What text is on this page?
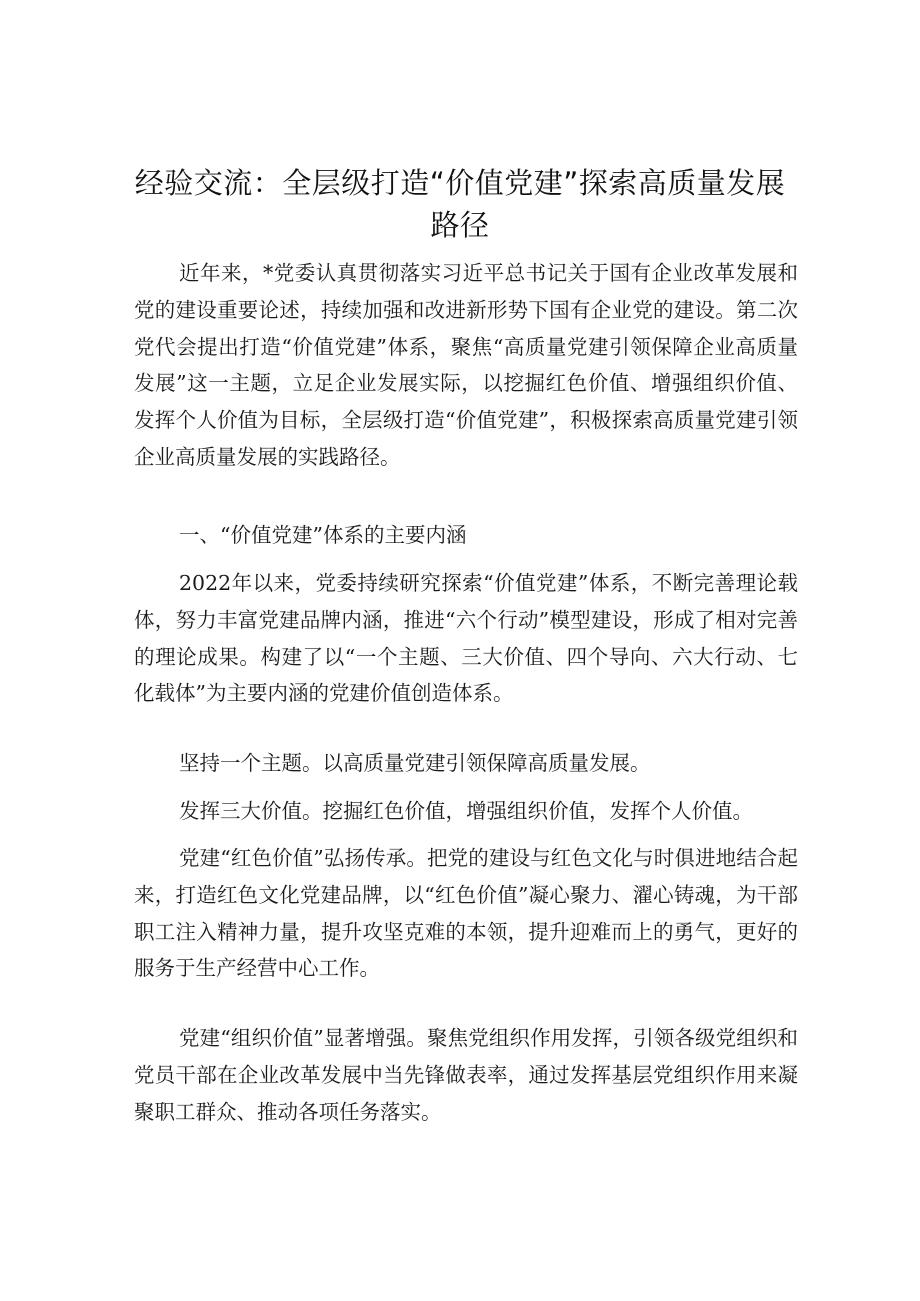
经验交流：全层级打造“价值党建”探索高质量发展路径

近年来，*党委认真贯彻落实习近平总书记关于国有企业改革发展和党的建设重要论述，持续加强和改进新形势下国有企业党的建设。第二次党代会提出打造“价值党建”体系，聚焦“高质量党建引领保障企业高质量发展”这一主题，立足企业发展实际，以挖掘红色价值、增强组织价值、发挥个人价值为目标，全层级打造“价值党建”，积极探索高质量党建引领企业高质量发展的实践路径。

一、“价值党建”体系的主要内涵

2022年以来，党委持续研究探索“价值党建”体系，不断完善理论载体，努力丰富党建品牌内涵，推进“六个行动”模型建设，形成了相对完善的理论成果。构建了以“一个主题、三大价值、四个导向、六大行动、七化载体”为主要内涵的党建价值创造体系。

坚持一个主题。以高质量党建引领保障高质量发展。

发挥三大价值。挖掘红色价值，增强组织价值，发挥个人价值。

党建“红色价值”弘扬传承。把党的建设与红色文化与时俱进地结合起来，打造红色文化党建品牌，以“红色价值”凝心聚力、濯心铸魂，为干部职工注入精神力量，提升攻坚克难的本领，提升迎难而上的勇气，更好的服务于生产经营中心工作。

党建“组织价值”显著增强。聚焦党组织作用发挥，引领各级党组织和党员干部在企业改革发展中当先锋做表率，通过发挥基层党组织作用来凝聚职工群众、推动各项任务落实。
